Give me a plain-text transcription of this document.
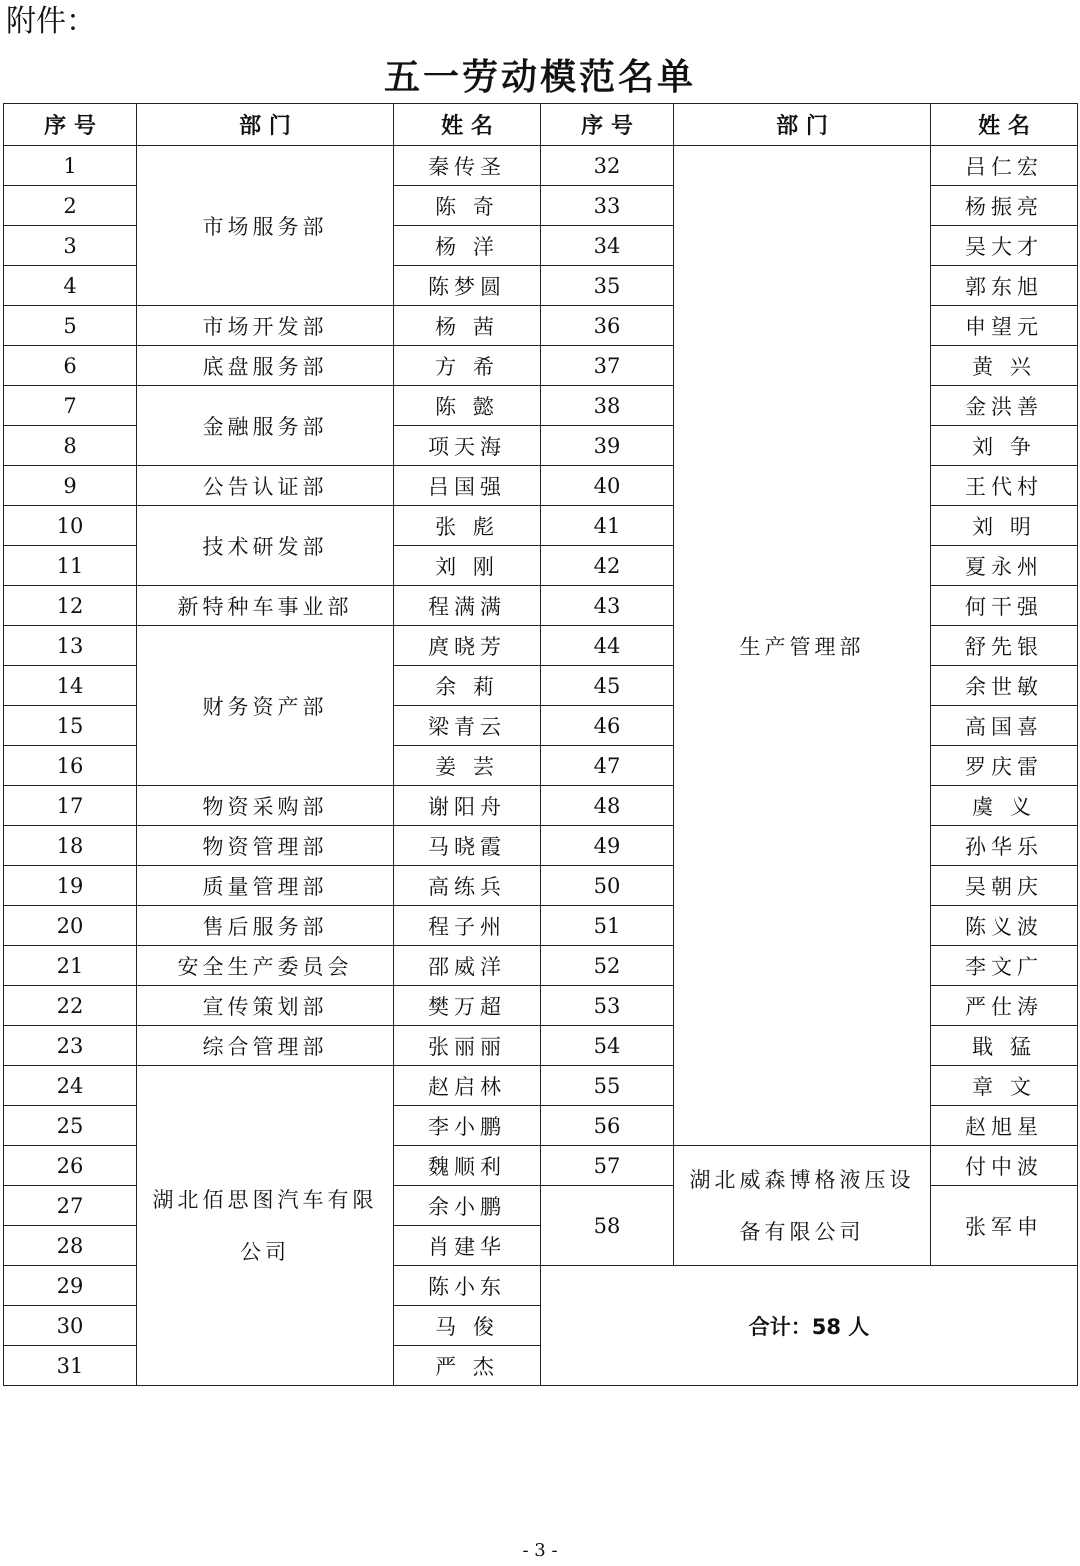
附件：
五一劳动模范名单
序 号	部 门	姓 名	序 号	部 门	姓 名
1	市场服务部	秦传圣	32	生产管理部	吕仁宏
2		陈 奇	33		杨振亮
3		杨 洋	34		吴大才
4		陈梦圆	35		郭东旭
5	市场开发部	杨 茜	36		申望元
6	底盘服务部	方 希	37		黄 兴
7	金融服务部	陈 懿	38		金洪善
8		项天海	39		刘 争
9	公告认证部	吕国强	40		王代村
10	技术研发部	张 彪	41		刘 明
11		刘 刚	42		夏永州
12	新特种车事业部	程满满	43		何干强
13	财务资产部	庹晓芳	44		舒先银
14		余 莉	45		余世敏
15		梁青云	46		高国喜
16		姜 芸	47		罗庆雷
17	物资采购部	谢阳舟	48		虞 义
18	物资管理部	马晓霞	49		孙华乐
19	质量管理部	高练兵	50		吴朝庆
20	售后服务部	程子州	51		陈义波
21	安全生产委员会	邵威洋	52		李文广
22	宣传策划部	樊万超	53		严仕涛
23	综合管理部	张丽丽	54		戢 猛
24	湖北佰思图汽车有限公司	赵启林	55		章 文
25		李小鹏	56		赵旭星
26		魏顺利	57	湖北威森博格液压设备有限公司	付中波
27		余小鹏	58		张军申
28		肖建华			
29		陈小东	合计：58 人		
30		马 俊			
31		严 杰			
- 3 -
